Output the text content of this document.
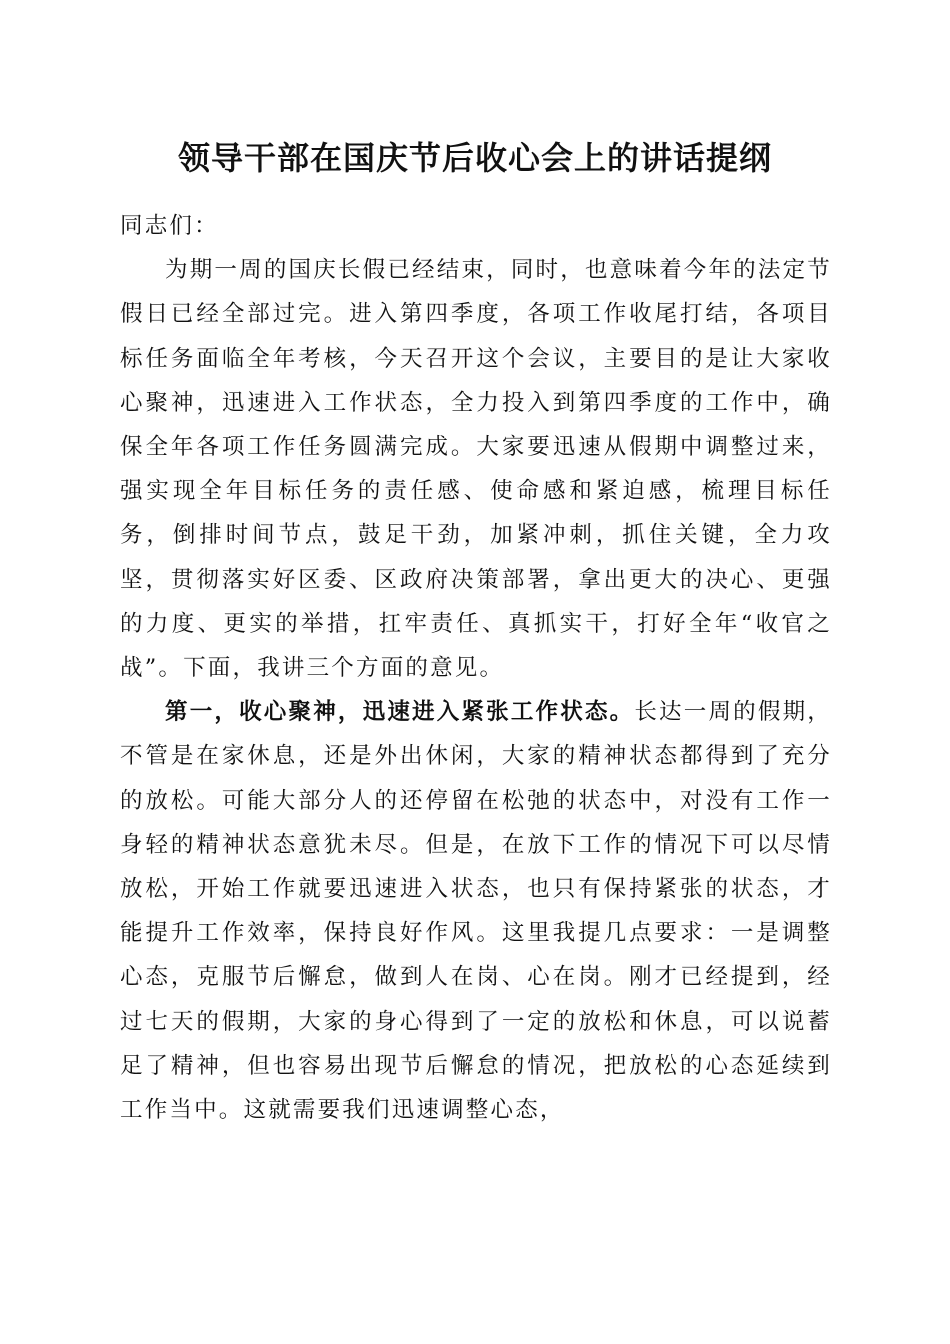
领导干部在国庆节后收心会上的讲话提纲

同志们：

为期一周的国庆长假已经结束，同时，也意味着今年的法定节假日已经全部过完。进入第四季度，各项工作收尾打结，各项目标任务面临全年考核，今天召开这个会议，主要目的是让大家收心聚神，迅速进入工作状态，全力投入到第四季度的工作中，确保全年各项工作任务圆满完成。大家要迅速从假期中调整过来，强实现全年目标任务的责任感、使命感和紧迫感，梳理目标任务，倒排时间节点，鼓足干劲，加紧冲刺，抓住关键，全力攻坚，贯彻落实好区委、区政府决策部署，拿出更大的决心、更强的力度、更实的举措，扛牢责任、真抓实干，打好全年“收官之战”。下面，我讲三个方面的意见。

第一，收心聚神，迅速进入紧张工作状态。长达一周的假期，不管是在家休息，还是外出休闲，大家的精神状态都得到了充分的放松。可能大部分人的还停留在松弛的状态中，对没有工作一身轻的精神状态意犹未尽。但是，在放下工作的情况下可以尽情放松，开始工作就要迅速进入状态，也只有保持紧张的状态，才能提升工作效率，保持良好作风。这里我提几点要求：一是调整心态，克服节后懈怠，做到人在岗、心在岗。刚才已经提到，经过七天的假期，大家的身心得到了一定的放松和休息，可以说蓄足了精神，但也容易出现节后懈怠的情况，把放松的心态延续到工作当中。这就需要我们迅速调整心态，
